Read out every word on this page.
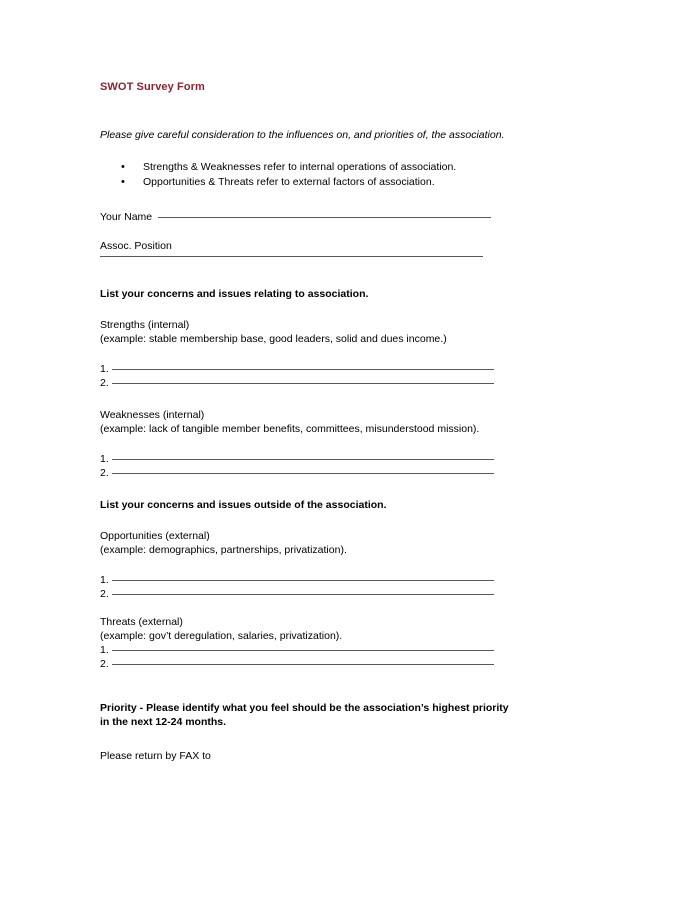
SWOT Survey Form

Please give careful consideration to the influences on, and priorities of, the association.

• Strengths & Weaknesses refer to internal operations of association.
• Opportunities & Threats refer to external factors of association.
Your Name
Assoc. Position
List your concerns and issues relating to association.

Strengths (internal)

(example: stable membership base, good leaders, solid and dues income.)

1.
2.

Weaknesses (internal)

(example: lack of tangible member benefits, committees, misunderstood mission).

1.
2.
List your concerns and issues outside of the association.

Opportunities (external)

(example: demographics, partnerships, privatization).

1.
2.

Threats (external)

(example: gov’t deregulation, salaries, privatization).

1.
2.

Priority - Please identify what you feel should be the association’s highest priority in the next 12-24 months.

Please return by FAX to
